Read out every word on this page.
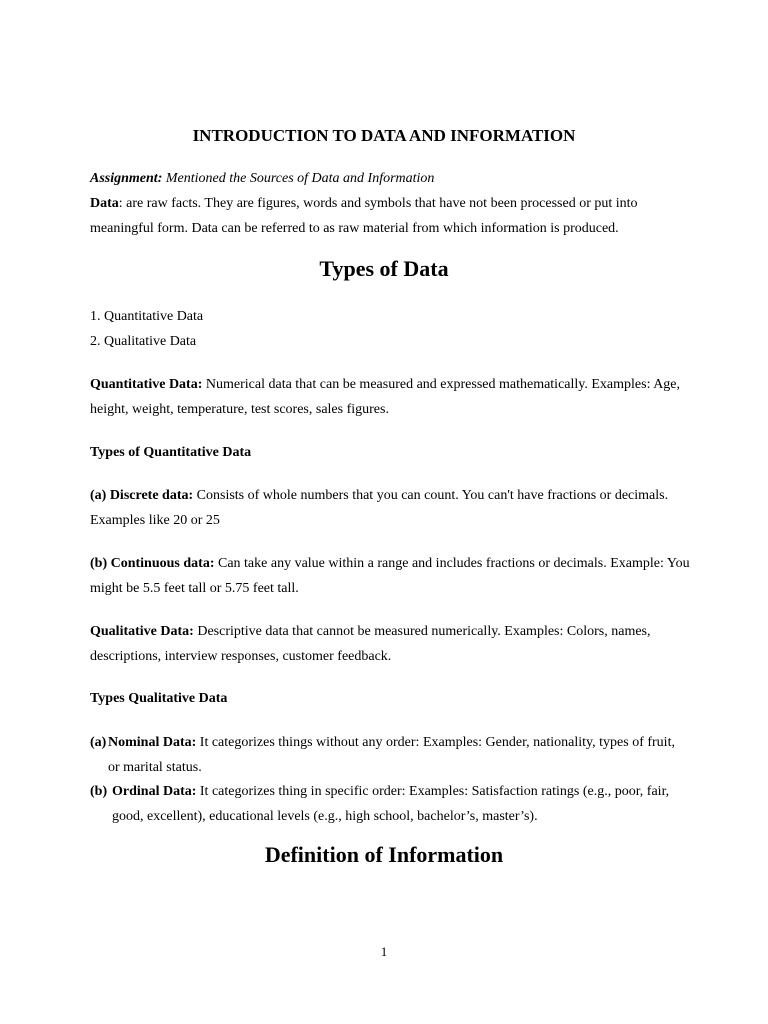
INTRODUCTION TO DATA AND INFORMATION
Assignment: Mentioned the Sources of Data and Information
Data: are raw facts. They are figures, words and symbols that have not been processed or put into meaningful form. Data can be referred to as raw material from which information is produced.
Types of Data
1. Quantitative Data
2. Qualitative Data
Quantitative Data: Numerical data that can be measured and expressed mathematically. Examples: Age, height, weight, temperature, test scores, sales figures.
Types of Quantitative Data
(a) Discrete data: Consists of whole numbers that you can count. You can't have fractions or decimals. Examples like 20 or 25
(b) Continuous data: Can take any value within a range and includes fractions or decimals. Example: You might be 5.5 feet tall or 5.75 feet tall.
Qualitative Data: Descriptive data that cannot be measured numerically. Examples: Colors, names, descriptions, interview responses, customer feedback.
Types Qualitative Data
(a) Nominal Data: It categorizes things without any order: Examples: Gender, nationality, types of fruit, or marital status.
(b) Ordinal Data: It categorizes thing in specific order: Examples: Satisfaction ratings (e.g., poor, fair, good, excellent), educational levels (e.g., high school, bachelor’s, master’s).
Definition of Information
1
